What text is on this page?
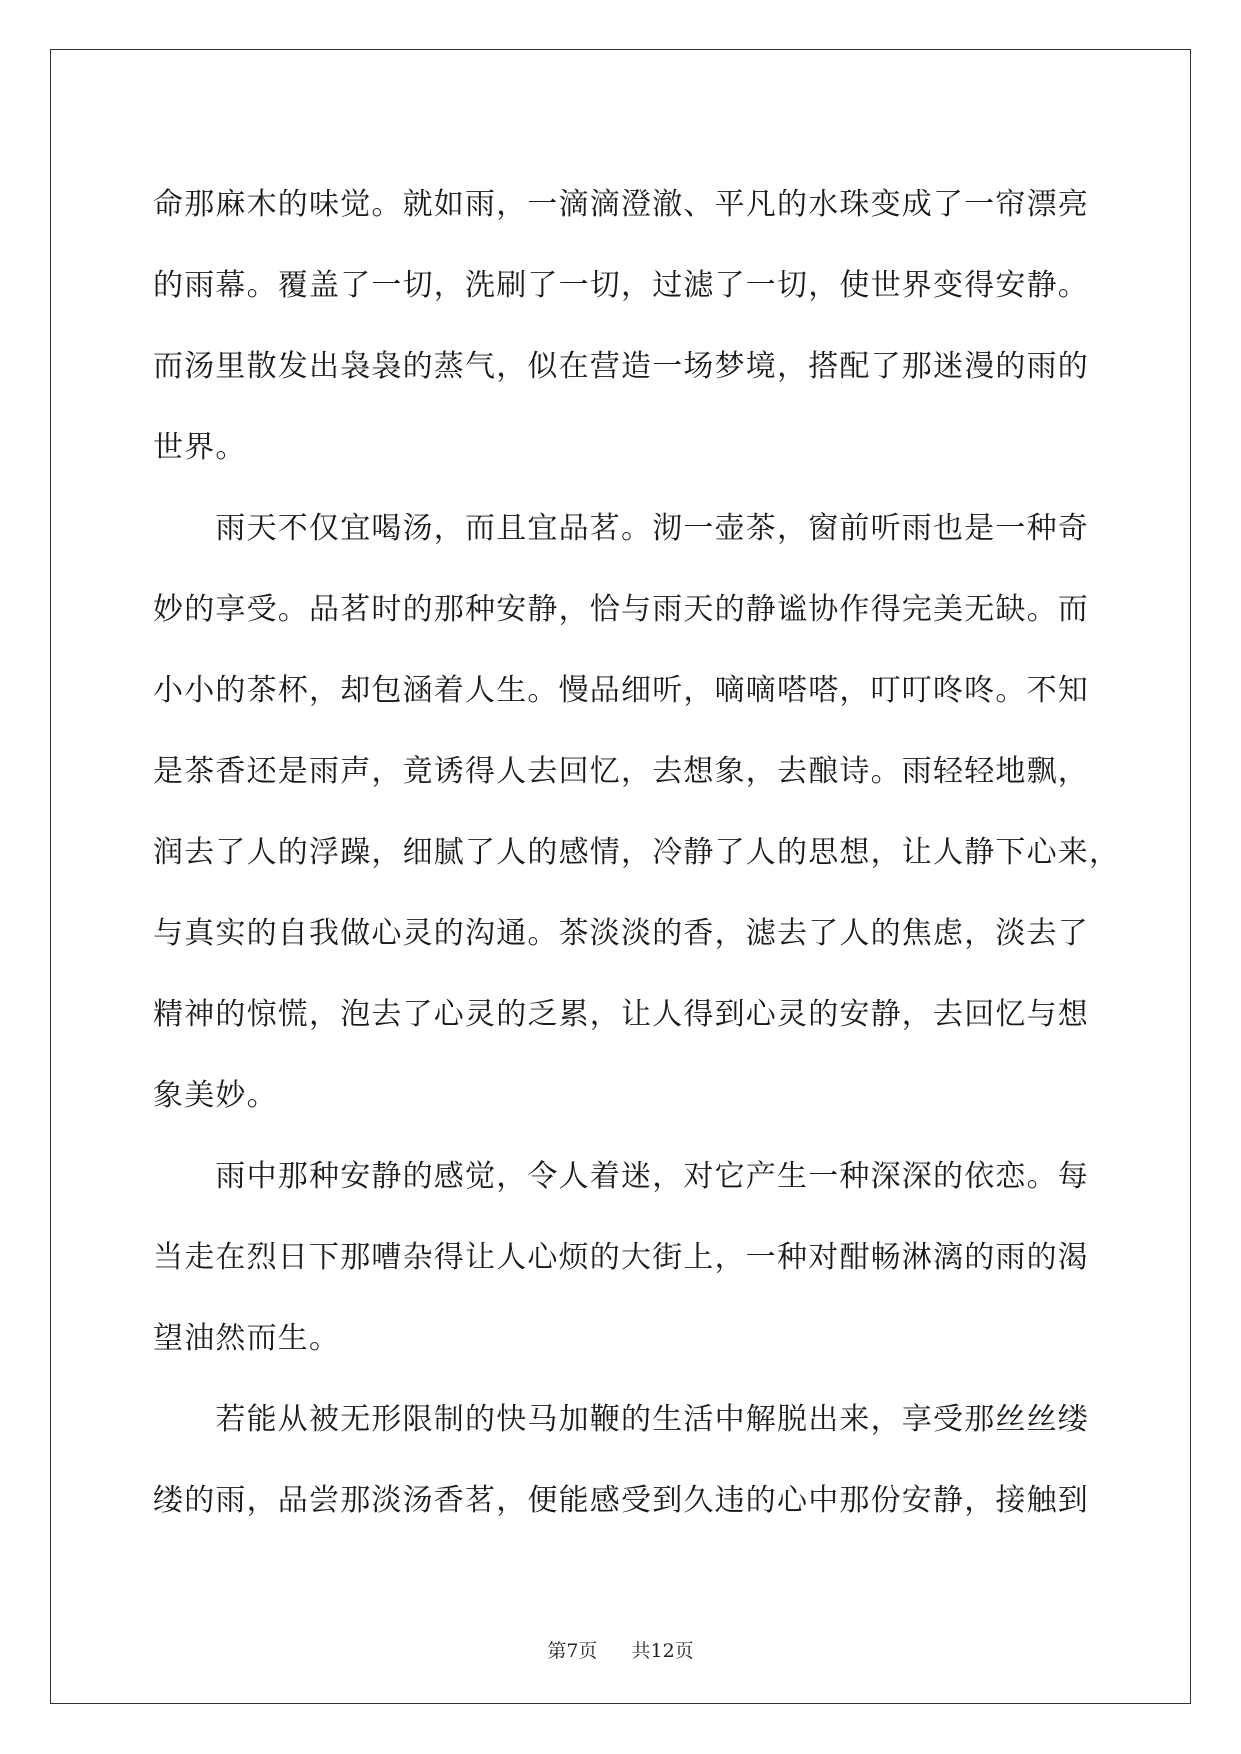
命那麻木的味觉。就如雨，一滴滴澄澈、平凡的水珠变成了一帘漂亮
的雨幕。覆盖了一切，洗刷了一切，过滤了一切，使世界变得安静。
而汤里散发出袅袅的蒸气，似在营造一场梦境，搭配了那迷漫的雨的
世界。
　　雨天不仅宜喝汤，而且宜品茗。沏一壶茶，窗前听雨也是一种奇
妙的享受。品茗时的那种安静，恰与雨天的静谧协作得完美无缺。而
小小的茶杯，却包涵着人生。慢品细听，嘀嘀嗒嗒，叮叮咚咚。不知
是茶香还是雨声，竟诱得人去回忆，去想象，去酿诗。雨轻轻地飘，
润去了人的浮躁，细腻了人的感情，冷静了人的思想，让人静下心来，
与真实的自我做心灵的沟通。茶淡淡的香，滤去了人的焦虑，淡去了
精神的惊慌，泡去了心灵的乏累，让人得到心灵的安静，去回忆与想
象美妙。
　　雨中那种安静的感觉，令人着迷，对它产生一种深深的依恋。每
当走在烈日下那嘈杂得让人心烦的大街上，一种对酣畅淋漓的雨的渴
望油然而生。
　　若能从被无形限制的快马加鞭的生活中解脱出来，享受那丝丝缕
缕的雨，品尝那淡汤香茗，便能感受到久违的心中那份安静，接触到
第7页 共12页
